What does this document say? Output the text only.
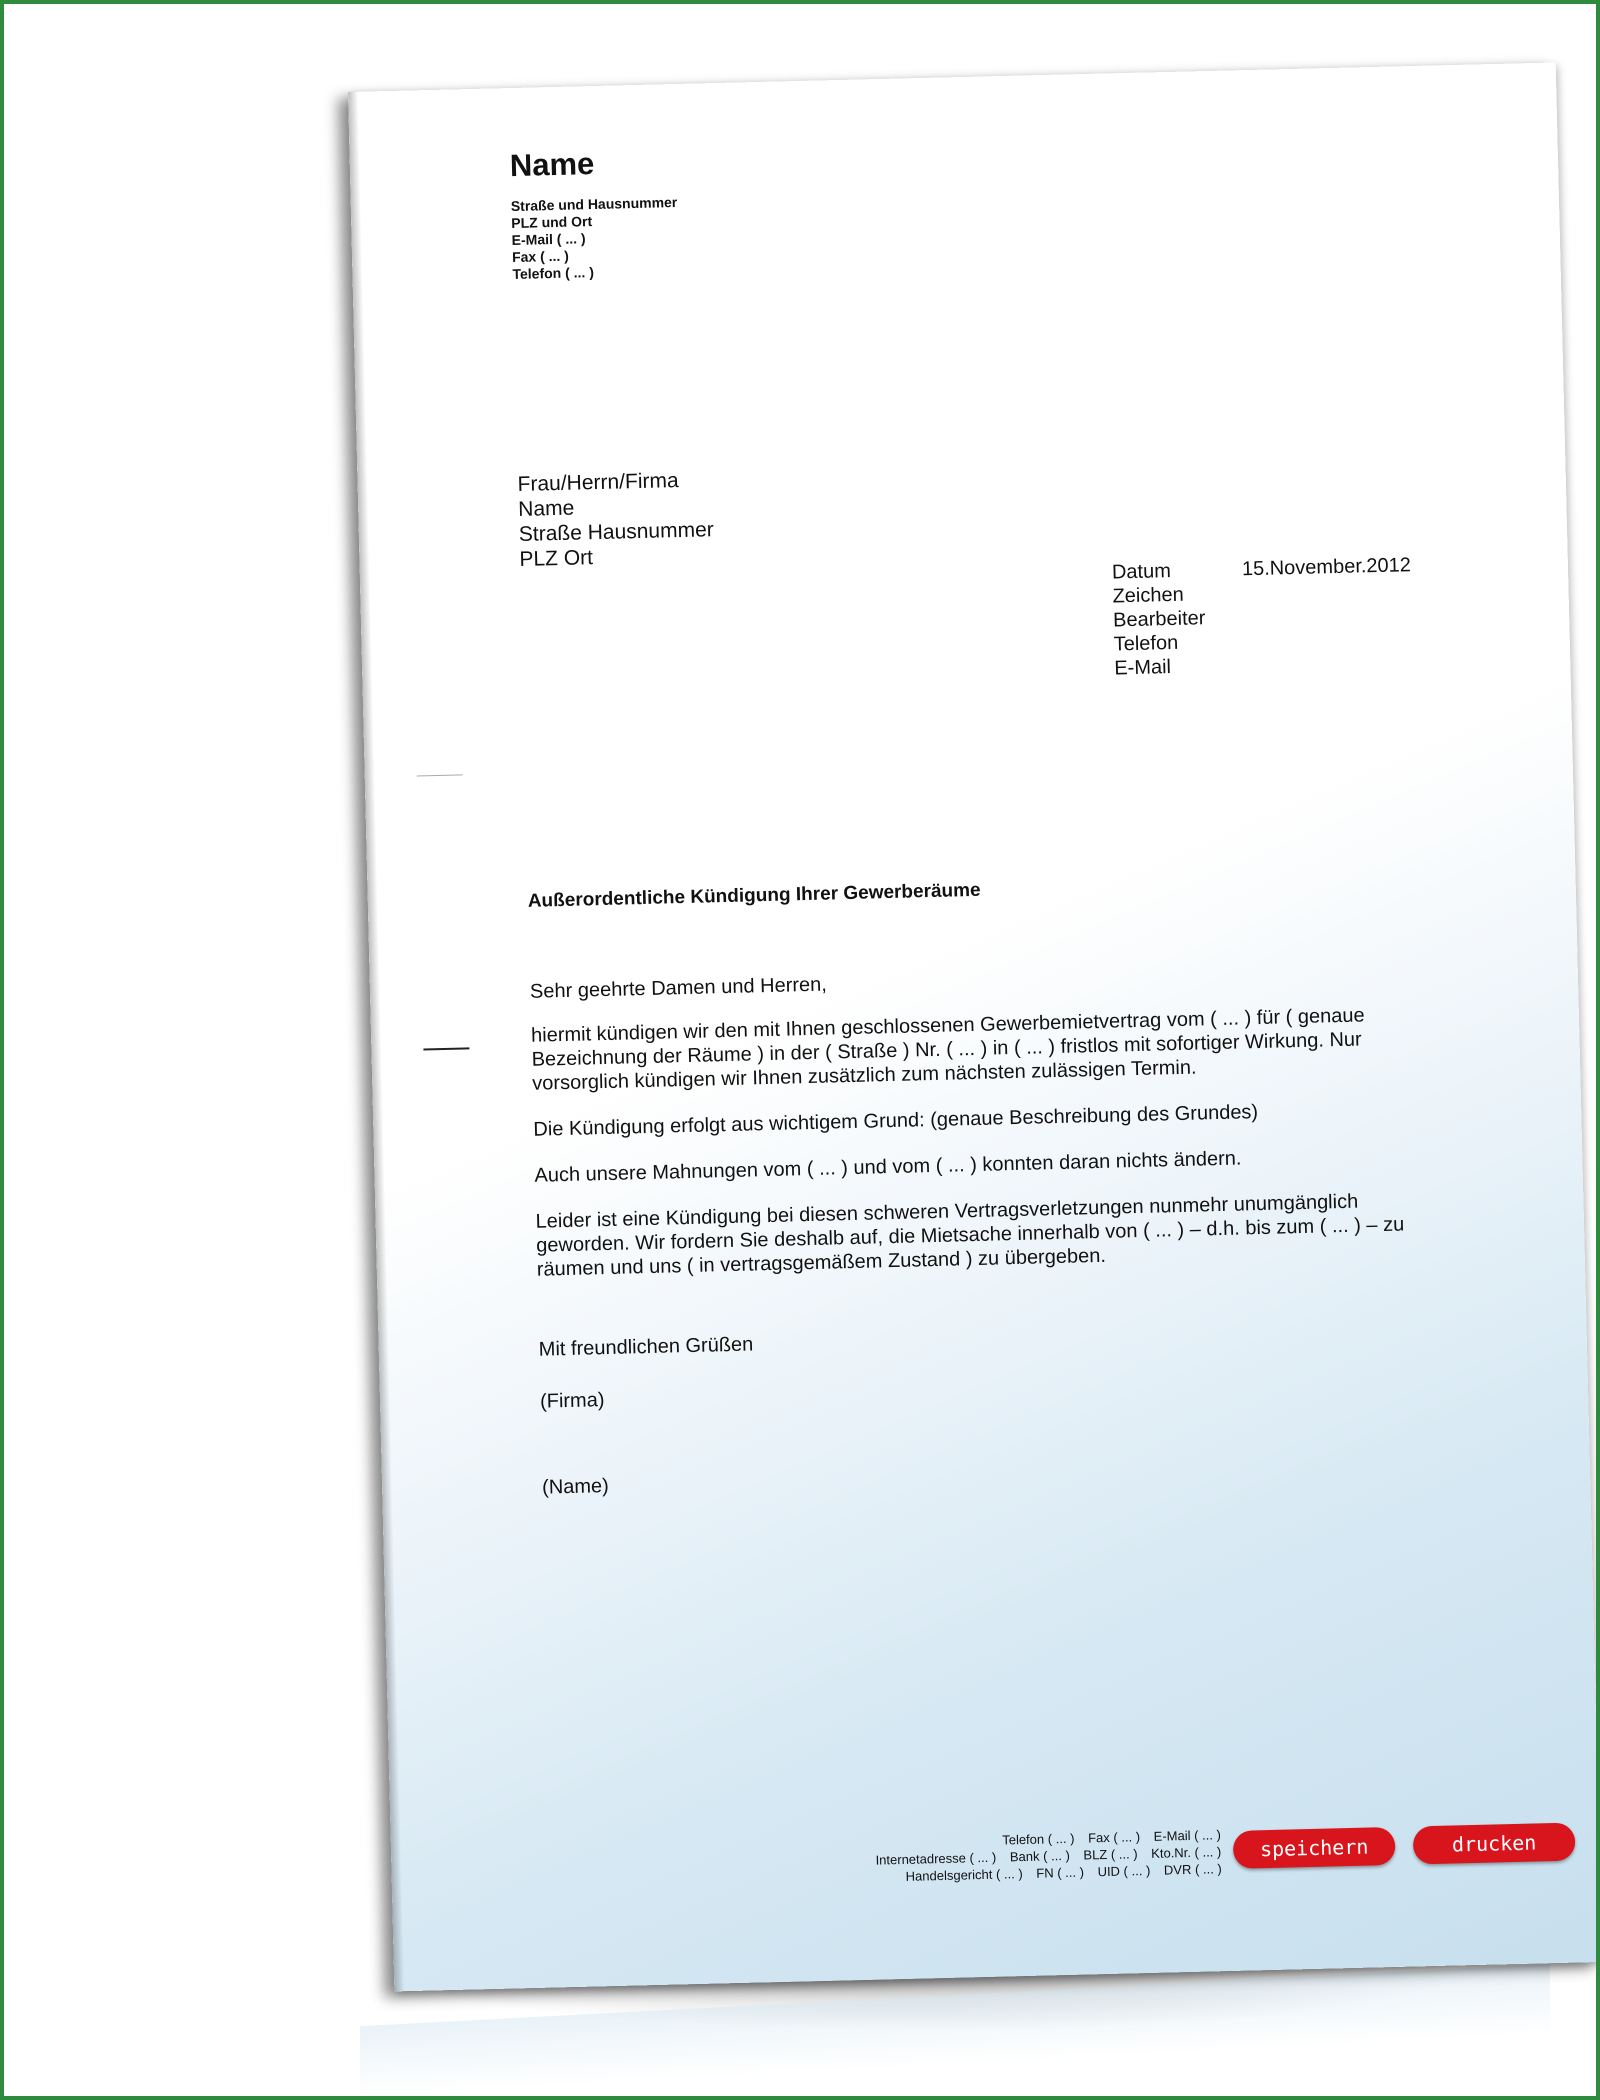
Name
Straße und Hausnummer
PLZ und Ort
E-Mail ( ... )
Fax ( ... )
Telefon ( ... )
Frau/Herrn/Firma
Name
Straße Hausnummer
PLZ Ort
Datum	15.November.2012
Zeichen
Bearbeiter
Telefon
E-Mail
Außerordentliche Kündigung Ihrer Gewerberäume

Sehr geehrte Damen und Herren,

hiermit kündigen wir den mit Ihnen geschlossenen Gewerbemietvertrag vom ( ... ) für ( genaue Bezeichnung der Räume ) in der ( Straße ) Nr. ( ... ) in ( ... ) fristlos mit sofortiger Wirkung. Nur vorsorglich kündigen wir Ihnen zusätzlich zum nächsten zulässigen Termin.

Die Kündigung erfolgt aus wichtigem Grund: (genaue Beschreibung des Grundes)

Auch unsere Mahnungen vom ( ... ) und vom ( ... ) konnten daran nichts ändern.

Leider ist eine Kündigung bei diesen schweren Vertragsverletzungen nunmehr unumgänglich geworden. Wir fordern Sie deshalb auf, die Mietsache innerhalb von ( ... ) – d.h. bis zum ( ... ) – zu räumen und uns ( in vertragsgemäßem Zustand ) zu übergeben.

Mit freundlichen Grüßen
(Firma)
(Name)
Telefon ( ... ) Fax ( ... ) E-Mail ( ... )
Internetadresse ( ... ) Bank ( ... ) BLZ ( ... ) Kto.Nr. ( ... )
Handelsgericht ( ... ) FN ( ... ) UID ( ... ) DVR ( ... )
speichern	drucken
